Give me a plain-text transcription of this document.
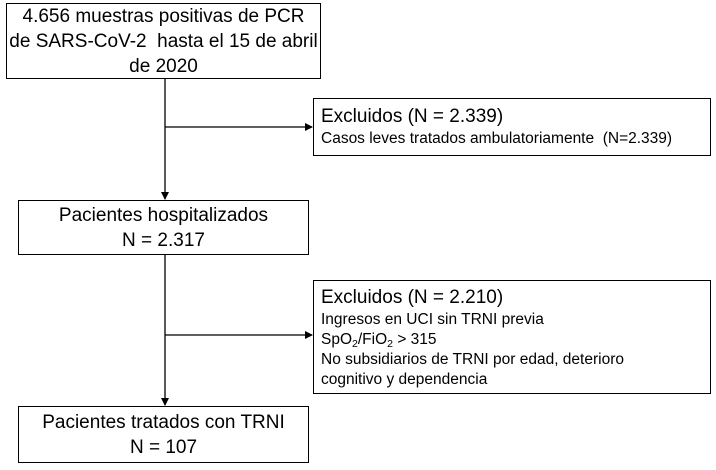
4.656 muestras positivas de PCR
de SARS-CoV-2  hasta el 15 de abril
de 2020
Excluidos (N = 2.339)
Casos leves tratados ambulatoriamente  (N=2.339)
Pacientes hospitalizados
N = 2.317
Excluidos (N = 2.210)
Ingresos en UCI sin TRNI previa
SpO$_2$/FiO$_2$ > 315
No subsidiarios de TRNI por edad, deterioro
cognitivo y dependencia
Pacientes tratados con TRNI
N = 107
